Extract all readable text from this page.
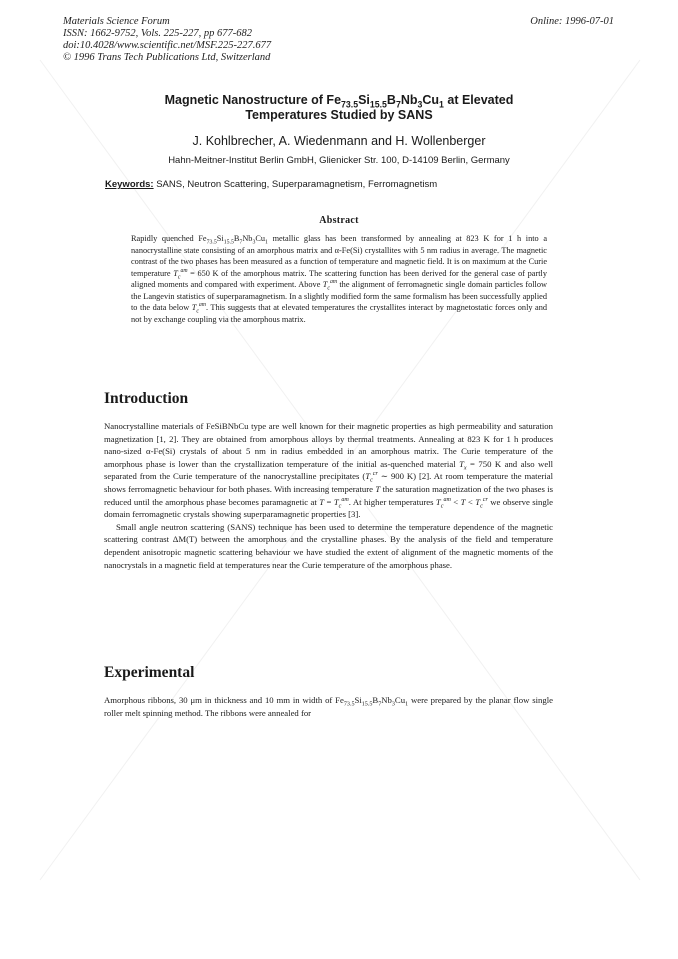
Materials Science Forum
ISSN: 1662-9752, Vols. 225-227, pp 677-682
doi:10.4028/www.scientific.net/MSF.225-227.677
© 1996 Trans Tech Publications Ltd, Switzerland
Online: 1996-07-01
Magnetic Nanostructure of $Fe_{73.5}Si_{15.5}B_7Nb_3Cu_1$ at Elevated
Temperatures Studied by SANS
J. Kohlbrecher, A. Wiedenmann and H. Wollenberger
Hahn-Meitner-Institut Berlin GmbH, Glienicker Str. 100, D-14109 Berlin, Germany
Keywords: SANS, Neutron Scattering, Superparamagnetism, Ferromagnetism
Abstract
Rapidly quenched $Fe_{73.5}Si_{15.5}B_7Nb_3Cu_1$ metallic glass has been transformed by annealing at 823 K for 1 h into a nanocrystalline state consisting of an amorphous matrix and α-Fe(Si) crystallites with 5 nm radius in average. The magnetic contrast of the two phases has been measured as a function of temperature and magnetic field. It is on maximum at the Curie temperature $T_c^{am} = 650$ K of the amorphous matrix. The scattering function has been derived for the general case of partly aligned moments and compared with experiment. Above $T_c^{am}$ the alignment of ferromagnetic single domain particles follow the Langevin statistics of superparamagnetism. In a slightly modified form the same formalism has been successfully applied to the data below $T_c^{am}$. This suggests that at elevated temperatures the crystallites interact by magnetostatic forces only and not by exchange coupling via the amorphous matrix.
Introduction

Nanocrystalline materials of FeSiBNbCu type are well known for their magnetic properties as high permeability and saturation magnetization [1, 2]. They are obtained from amorphous alloys by thermal treatments. Annealing at 823 K for 1 h produces nano-sized α-Fe(Si) crystals of about 5 nm in radius embedded in an amorphous matrix. The Curie temperature of the amorphous phase is lower than the crystallization temperature of the initial as-quenched material $T_x = 750$ K and also well separated from the Curie temperature of the nanocrystalline precipitates ($T_c^{cr}$ ∼ 900 K) [2]. At room temperature the material shows ferromagnetic behaviour for both phases. With increasing temperature T the saturation magnetization of the two phases is reduced until the amorphous phase becomes paramagnetic at $T = T_c^{am}$. At higher temperatures $T_c^{am} < T < T_c^{cr}$ we observe single domain ferromagnetic crystals showing superparamagnetic properties [3].

Small angle neutron scattering (SANS) technique has been used to determine the temperature dependence of the magnetic scattering contrast ΔM(T) between the amorphous and the crystalline phases. By the analysis of the field and temperature dependent anisotropic magnetic scattering behaviour we have studied the extent of alignment of the magnetic moments of the nanocrystals in a magnetic field at temperatures near the Curie temperature of the amorphous phase.

Experimental

Amorphous ribbons, 30 μm in thickness and 10 mm in width of $Fe_{73.5}Si_{15.5}B_7Nb_3Cu_1$ were prepared by the planar flow single roller melt spinning method. The ribbons were annealed for
